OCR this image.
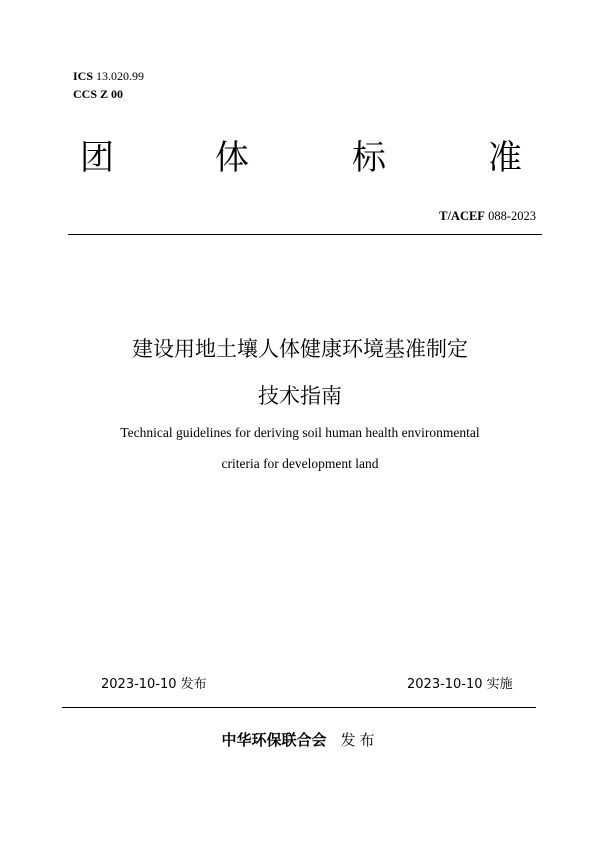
ICS 13.020.99
CCS Z 00
团	体	标	准
T/ACEF 088-2023
建设用地土壤人体健康环境基准制定
技术指南
Technical guidelines for deriving soil human health environmental
criteria for development land
2023-10-10 发布	2023-10-10 实施
中华环保联合会 发布
